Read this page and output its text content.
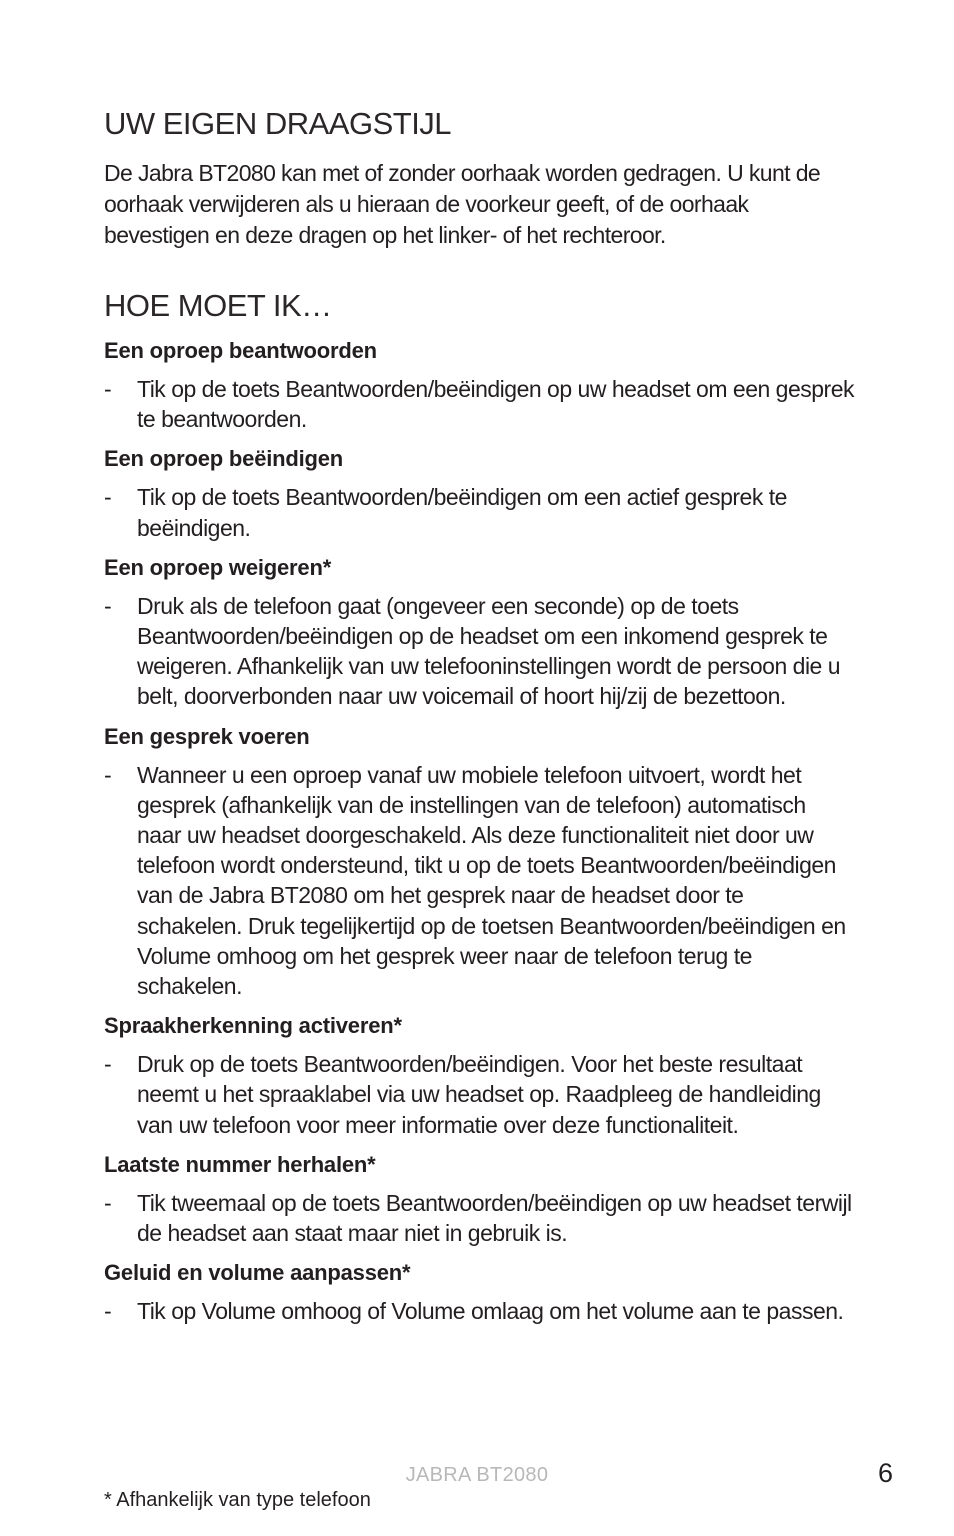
UW EIGEN DRAAGSTIJL

De Jabra BT2080 kan met of zonder oorhaak worden gedragen. U kunt de oorhaak verwijderen als u hieraan de voorkeur geeft, of de oorhaak bevestigen en deze dragen op het linker- of het rechteroor.

HOE MOET IK…

Een oproep beantwoorden

- Tik op de toets Beantwoorden/beëindigen op uw headset om een gesprek te beantwoorden.

Een oproep beëindigen

- Tik op de toets Beantwoorden/beëindigen om een actief gesprek te beëindigen.

Een oproep weigeren*

- Druk als de telefoon gaat (ongeveer een seconde) op de toets Beantwoorden/beëindigen op de headset om een inkomend gesprek te weigeren. Afhankelijk van uw telefooninstellingen wordt de persoon die u belt, doorverbonden naar uw voicemail of hoort hij/zij de bezettoon.

Een gesprek voeren

- Wanneer u een oproep vanaf uw mobiele telefoon uitvoert, wordt het gesprek (afhankelijk van de instellingen van de telefoon) automatisch naar uw headset doorgeschakeld. Als deze functionaliteit niet door uw telefoon wordt ondersteund, tikt u op de toets Beantwoorden/beëindigen van de Jabra BT2080 om het gesprek naar de headset door te schakelen. Druk tegelijkertijd op de toetsen Beantwoorden/beëindigen en Volume omhoog om het gesprek weer naar de telefoon terug te schakelen.

Spraakherkenning activeren*

- Druk op de toets Beantwoorden/beëindigen. Voor het beste resultaat neemt u het spraaklabel via uw headset op. Raadpleeg de handleiding van uw telefoon voor meer informatie over deze functionaliteit.

Laatste nummer herhalen*

- Tik tweemaal op de toets Beantwoorden/beëindigen op uw headset terwijl de headset aan staat maar niet in gebruik is.

Geluid en volume aanpassen*

- Tik op Volume omhoog of Volume omlaag om het volume aan te passen.

JABRA BT2080	6
* Afhankelijk van type telefoon
